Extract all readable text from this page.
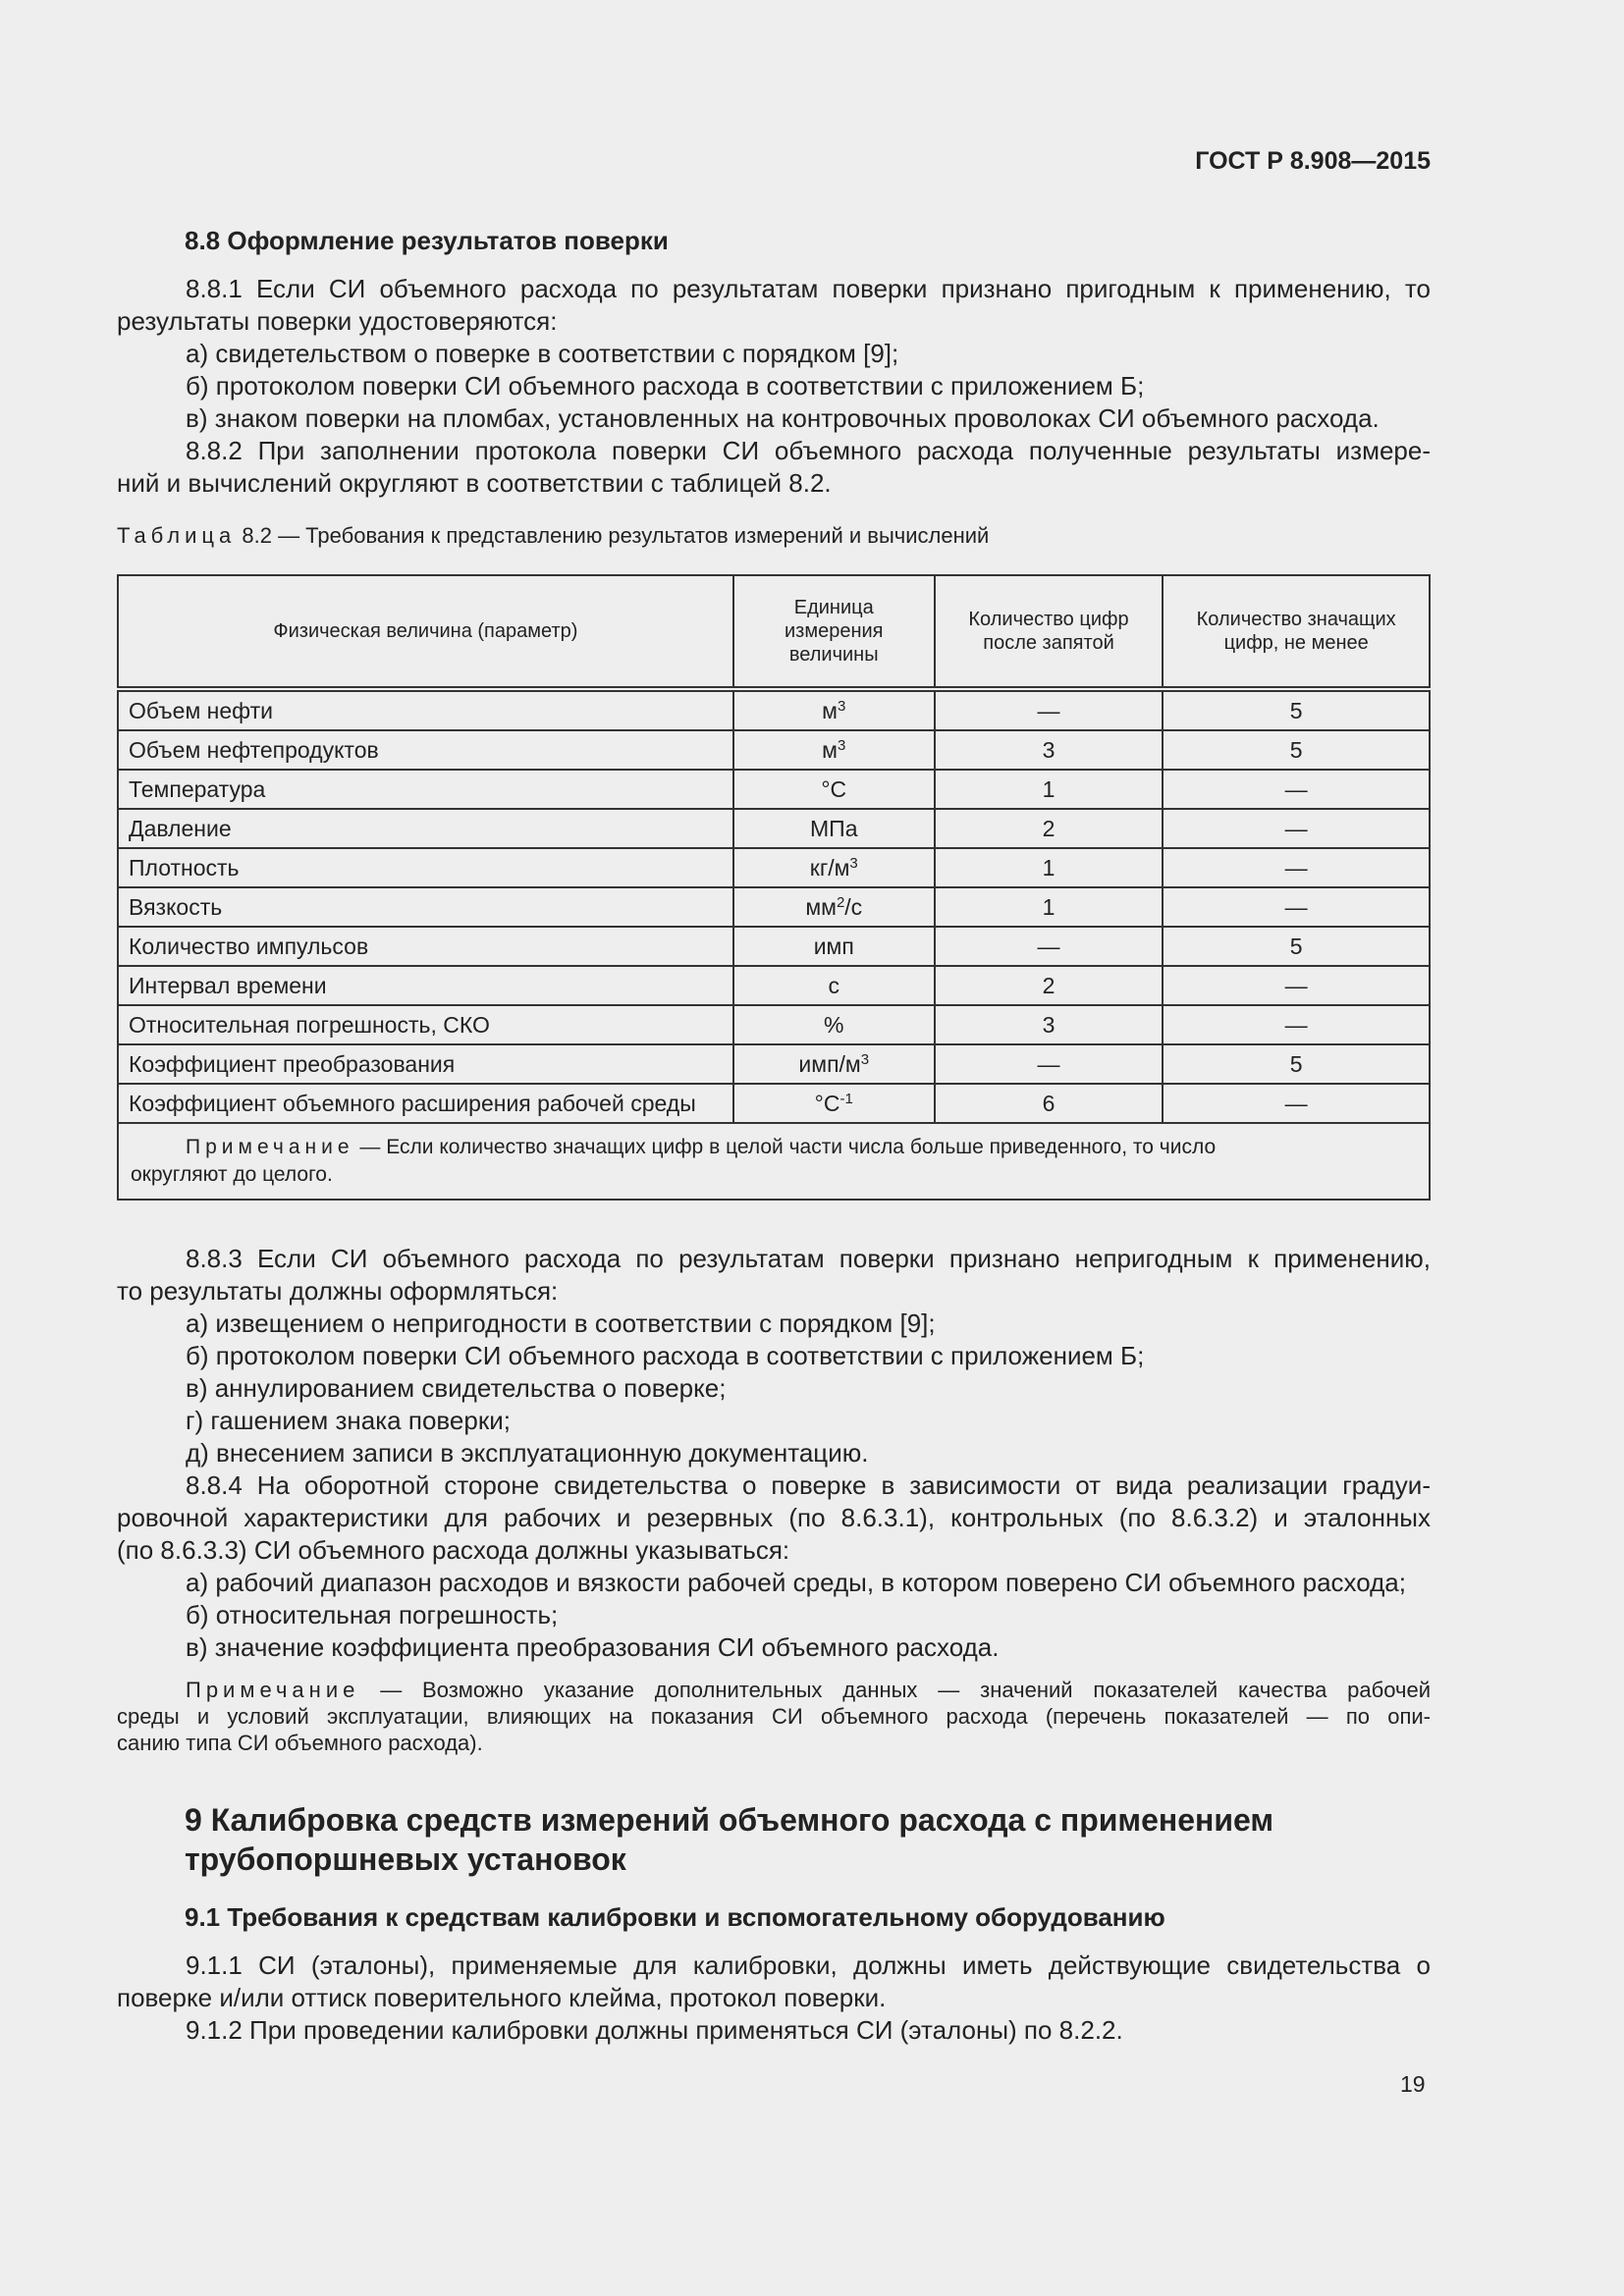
ГОСТ Р 8.908—2015
8.8 Оформление результатов поверки
8.8.1 Если СИ объемного расхода по результатам поверки признано пригодным к применению, то
результаты поверки удостоверяются:
а) свидетельством о поверке в соответствии с порядком [9];
б) протоколом поверки СИ объемного расхода в соответствии с приложением Б;
в) знаком поверки на пломбах, установленных на контровочных проволоках СИ объемного расхода.
8.8.2 При заполнении протокола поверки СИ объемного расхода полученные результаты измере-
ний и вычислений округляют в соответствии с таблицей 8.2.
Таблица 8.2 — Требования к представлению результатов измерений и вычислений
Физическая величина (параметр)	Единица измерения величины	Количество цифр после запятой	Количество значащих цифр, не менее
Объем нефти	$м^3$	—	5
Объем нефтепродуктов	$м^3$	3	5
Температура	°С	1	—
Давление	МПа	2	—
Плотность	$кг/м^3$	1	—
Вязкость	$мм^2/с$	1	—
Количество импульсов	имп	—	5
Интервал времени	с	2	—
Относительная погрешность, СКО	%	3	—
Коэффициент преобразования	имп/$м^3$	—	5
Коэффициент объемного расширения рабочей среды	$^\circ С^{-1}$	6	—

Примечание — Если количество значащих цифр в целой части числа больше приведенного, то число
округляют до целого.			
8.8.3 Если СИ объемного расхода по результатам поверки признано непригодным к применению,
то результаты должны оформляться:
а) извещением о непригодности в соответствии с порядком [9];
б) протоколом поверки СИ объемного расхода в соответствии с приложением Б;
в) аннулированием свидетельства о поверке;
г) гашением знака поверки;
д) внесением записи в эксплуатационную документацию.
8.8.4 На оборотной стороне свидетельства о поверке в зависимости от вида реализации градуи-
ровочной характеристики для рабочих и резервных (по 8.6.3.1), контрольных (по 8.6.3.2) и эталонных
(по 8.6.3.3) СИ объемного расхода должны указываться:
а) рабочий диапазон расходов и вязкости рабочей среды, в котором поверено СИ объемного расхода;
б) относительная погрешность;
в) значение коэффициента преобразования СИ объемного расхода.
Примечание — Возможно указание дополнительных данных — значений показателей качества рабочей
среды и условий эксплуатации, влияющих на показания СИ объемного расхода (перечень показателей — по опи-
санию типа СИ объемного расхода).
9 Калибровка средств измерений объемного расхода с применением
трубопоршневых установок
9.1 Требования к средствам калибровки и вспомогательному оборудованию
9.1.1 СИ (эталоны), применяемые для калибровки, должны иметь действующие свидетельства о
поверке и/или оттиск поверительного клейма, протокол поверки.
9.1.2 При проведении калибровки должны применяться СИ (эталоны) по 8.2.2.
19
